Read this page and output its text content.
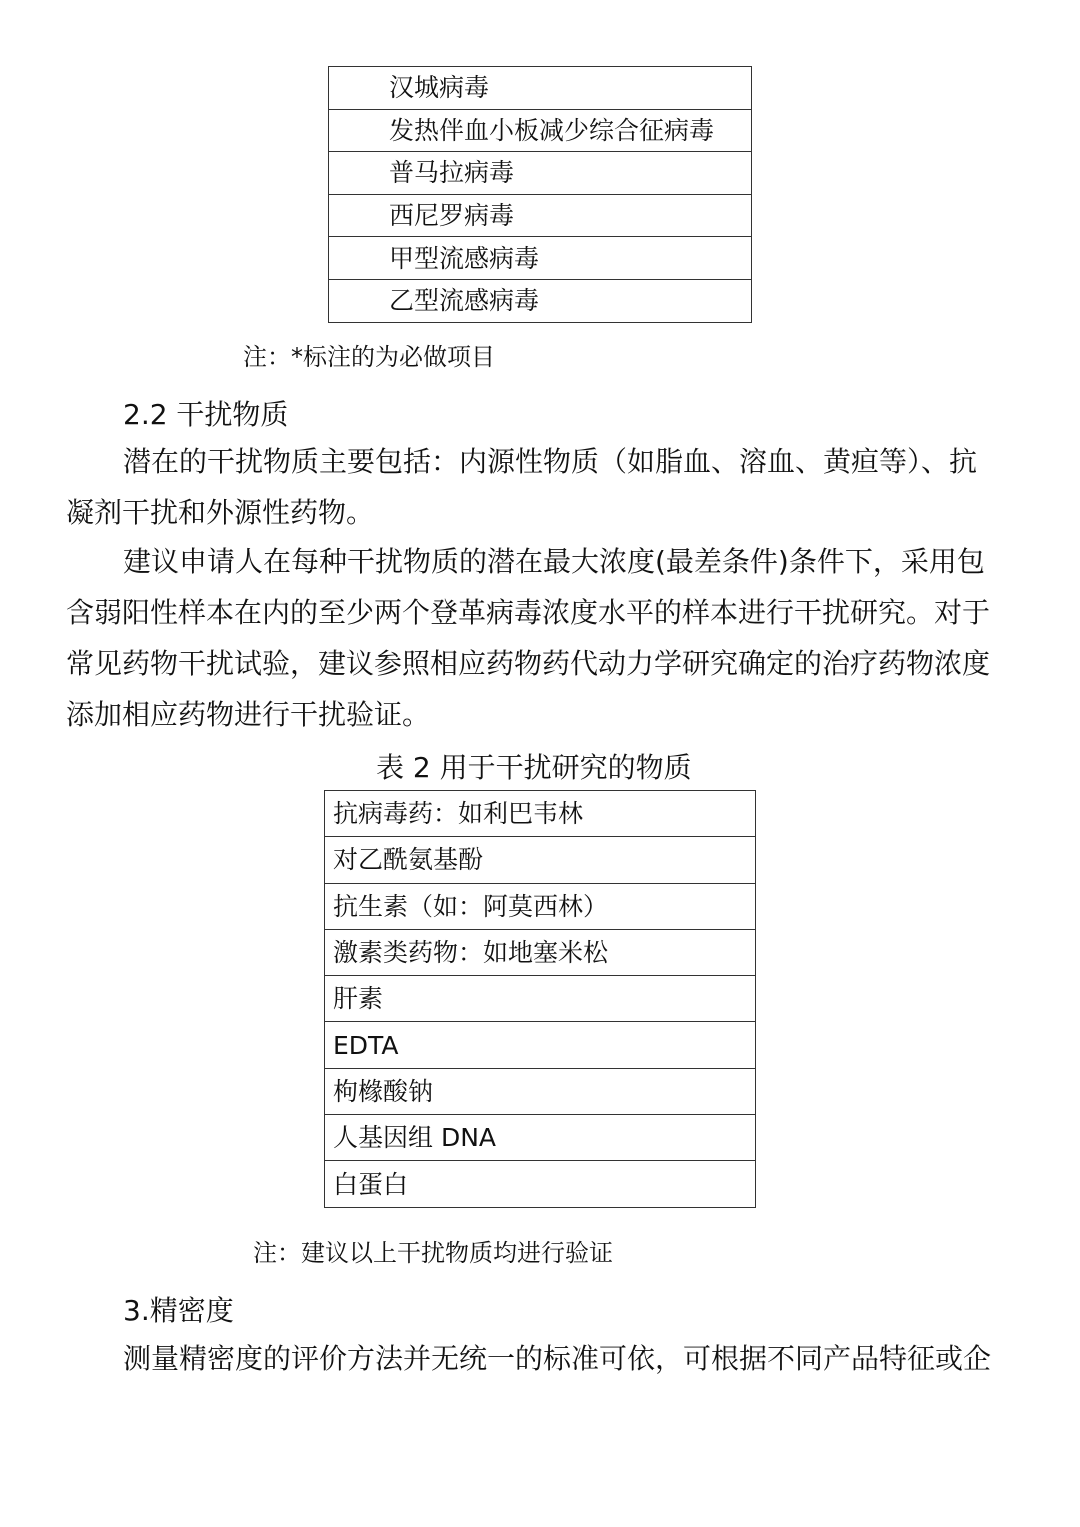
汉城病毒
发热伴血小板减少综合征病毒
普马拉病毒
西尼罗病毒
甲型流感病毒
乙型流感病毒
注：*标注的为必做项目
2.2 干扰物质
潜在的干扰物质主要包括：内源性物质（如脂血、溶血、黄疸等）、抗
凝剂干扰和外源性药物。
建议申请人在每种干扰物质的潜在最大浓度(最差条件)条件下，采用包
含弱阳性样本在内的至少两个登革病毒浓度水平的样本进行干扰研究。对于
常见药物干扰试验，建议参照相应药物药代动力学研究确定的治疗药物浓度
添加相应药物进行干扰验证。
表 2 用于干扰研究的物质
抗病毒药：如利巴韦林
对乙酰氨基酚
抗生素（如：阿莫西林）
激素类药物：如地塞米松
肝素
EDTA
枸橼酸钠
人基因组 DNA
白蛋白
注：建议以上干扰物质均进行验证
3.精密度
测量精密度的评价方法并无统一的标准可依，可根据不同产品特征或企
